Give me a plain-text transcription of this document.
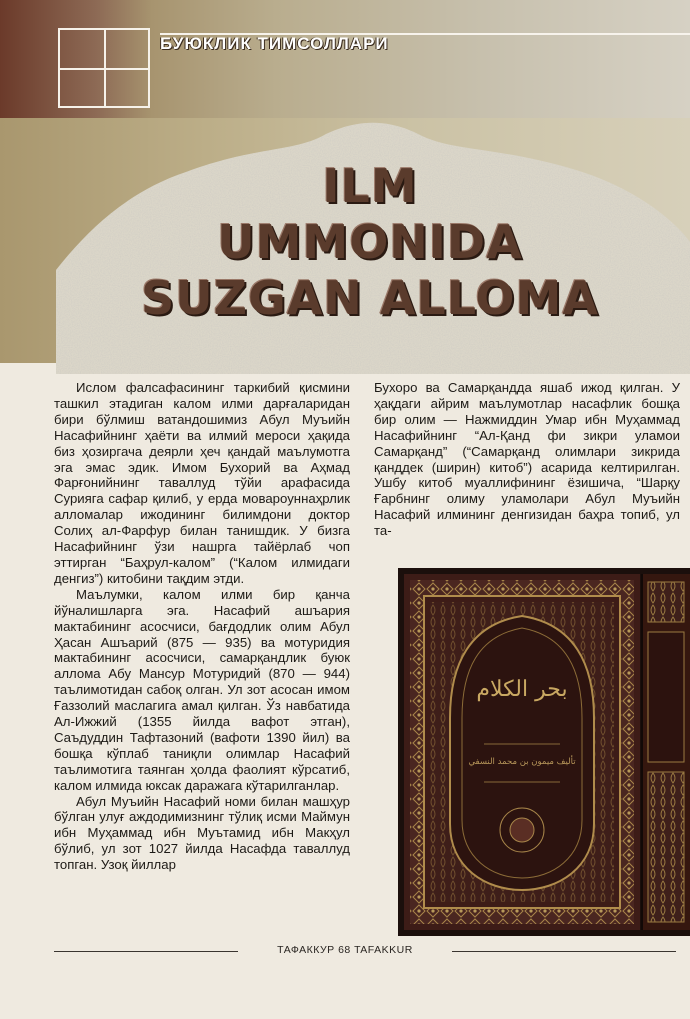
БУЮКЛИК ТИМСОЛЛАРИ
ILM
UMMONIDA
SUZGAN ALLOMA

Ислом фалсафасининг таркибий қисмини ташкил этадиган калом илми дарғаларидан бири бўлмиш ватандошимиз Абул Муъийн Насафийнинг ҳаёти ва илмий мероси ҳақида биз ҳозиргача деярли ҳеч қандай маълумотга эга эмас эдик. Имом Бухорий ва Аҳмад Фарғонийнинг таваллуд тўйи арафасида Сурияга сафар қилиб, у ерда мовароуннаҳрлик алломалар ижодининг билимдони доктор Солиҳ ал-Фарфур билан танишдик. У бизга Насафийнинг ўзи нашрга тайёрлаб чоп эттирган “Баҳрул-калом” (“Калом илмидаги денгиз”) китобини тақдим этди.

Маълумки, калом илми бир қанча йўналишларга эга. Насафий ашъария мактабининг асосчиси, бағдодлик олим Абул Ҳасан Ашъарий (875 — 935) ва мотуридия мактабининг асосчиси, самарқандлик буюк аллома Абу Мансур Мотуридий (870 — 944) таълимотидан сабоқ олган. Ул зот асосан имом Ғаззолий маслагига амал қилган. Ўз навбатида Ал-Ижжий (1355 йилда вафот этган), Саъдуддин Тафтазоний (вафоти 1390 йил) ва бошқа кўплаб таниқли олимлар Насафий таълимотига таянган ҳолда фаолият кўрсатиб, калом илмида юксак даражага кўтарилганлар.

Абул Муъийн Насафий номи билан машҳур бўлган улуғ аждодимизнинг тўлиқ исми Маймун ибн Муҳаммад ибн Муътамид ибн Макҳул бўлиб, ул зот 1027 йилда Насафда таваллуд топган. Узоқ йиллар

Бухоро ва Самарқандда яшаб ижод қилган. У ҳақдаги айрим маълумотлар насафлик бошқа бир олим — Нажмиддин Умар ибн Муҳаммад Насафийнинг “Ал-Қанд фи зикри уламои Самарқанд” (“Самарқанд олимлари зикрида қанддек (ширин) китоб”) асарида келтирилган. Ушбу китоб муаллифининг ёзишича, “Шарқу Ғарбнинг олиму уламолари Абул Муъийн Насафий илмининг денгизидан баҳра топиб, ул та-

بحر الكلام
تأليف ميمون بن محمد النسفي
ТАФАККУР 68 TAFAKKUR
